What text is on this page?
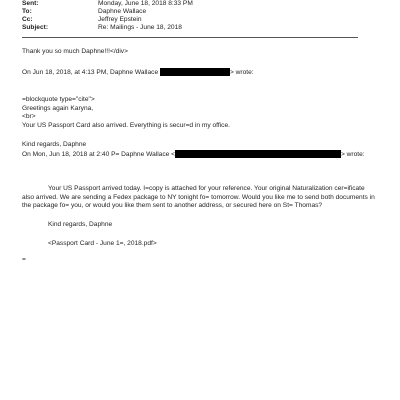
Sent:	Monday, June 18, 2018 8:33 PM
To:	Daphne Wallace
Cc:	Jeffrey Epstein
Subject:	Re: Mailings - June 18, 2018
Thank you so much Daphne!!!</div>
On Jun 18, 2018, at 4:13 PM, Daphne Wallace	> wrote:
=blockquote type="cite">
Greetings again Karyna,
<br>
Your US Passport Card also arrived. Everything is secur=d in my office.
Kind regards, Daphne
On Mon, Jun 18, 2018 at 2:40 P= Daphne Wallace <	> wrote:
Your US Passport arrived today. I=copy is attached for your reference. Your original Naturalization cer=ificate also arrived. We are sending a Fedex package to NY tonight fo= tomorrow. Would you like me to send both documents in the package fo= you, or would you like them sent to another address, or secured here on St= Thomas?
Kind regards, Daphne
<Passport Card - June 1=, 2018.pdf>
=
